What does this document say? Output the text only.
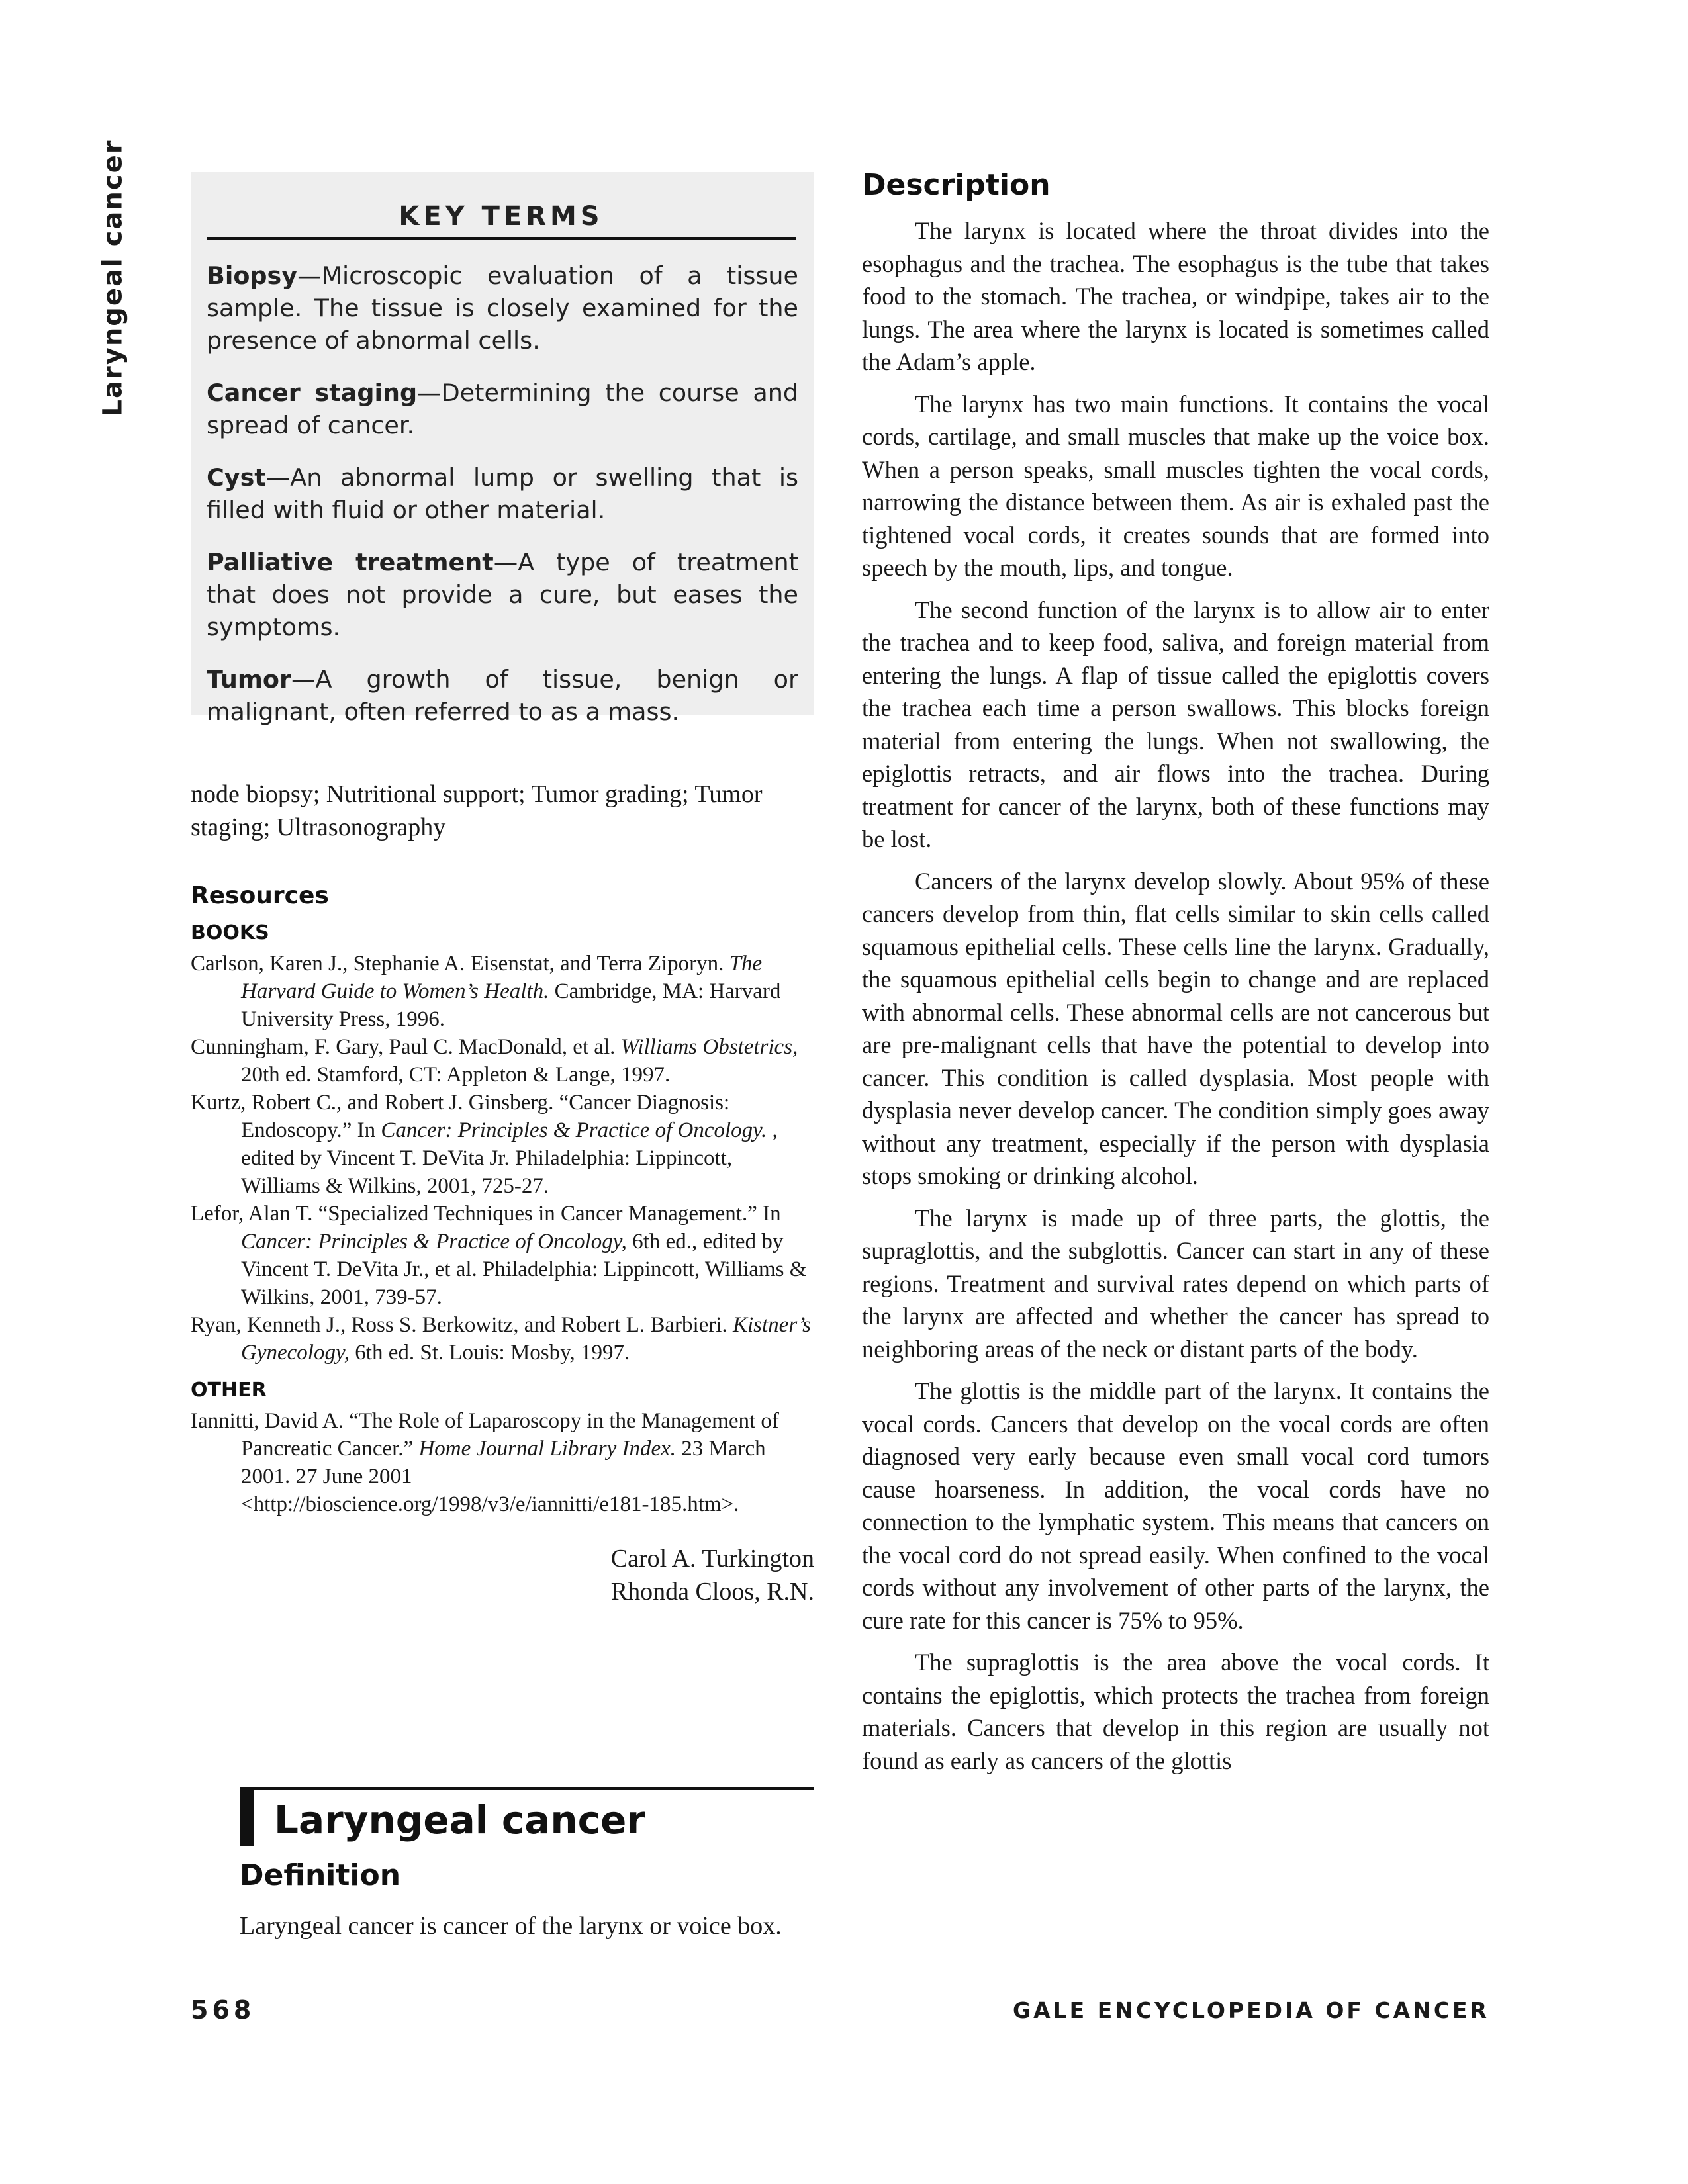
Laryngeal cancer	KEY TERMS

Biopsy—Microscopic evaluation of a tissue sample. The tissue is closely examined for the presence of abnormal cells.

Cancer staging—Determining the course and spread of cancer.

Cyst—An abnormal lump or swelling that is filled with fluid or other material.

Palliative treatment—A type of treatment that does not provide a cure, but eases the symptoms.

Tumor—A growth of tissue, benign or malignant, often referred to as a mass.

node biopsy; Nutritional support; Tumor grading; Tumor staging; Ultrasonography

Resources

BOOKS

Carlson, Karen J., Stephanie A. Eisenstat, and Terra Ziporyn. The Harvard Guide to Women’s Health. Cambridge, MA: Harvard University Press, 1996.

Cunningham, F. Gary, Paul C. MacDonald, et al. Williams Obstetrics, 20th ed. Stamford, CT: Appleton & Lange, 1997.

Kurtz, Robert C., and Robert J. Ginsberg. “Cancer Diagnosis: Endoscopy.” In Cancer: Principles & Practice of Oncology. , edited by Vincent T. DeVita Jr. Philadelphia: Lippincott, Williams & Wilkins, 2001, 725-27.

Lefor, Alan T. “Specialized Techniques in Cancer Management.” In Cancer: Principles & Practice of Oncology, 6th ed., edited by Vincent T. DeVita Jr., et al. Philadelphia: Lippincott, Williams & Wilkins, 2001, 739-57.

Ryan, Kenneth J., Ross S. Berkowitz, and Robert L. Barbieri. Kistner’s Gynecology, 6th ed. St. Louis: Mosby, 1997.

OTHER

Iannitti, David A. “The Role of Laparoscopy in the Management of Pancreatic Cancer.” Home Journal Library Index. 23 March 2001. 27 June 2001 <http://bioscience.org/1998/v3/e/iannitti/e181-185.htm>.

Carol A. Turkington
Rhonda Cloos, R.N.
Laryngeal cancer
Definition

Laryngeal cancer is cancer of the larynx or voice box.

Description

The larynx is located where the throat divides into the esophagus and the trachea. The esophagus is the tube that takes food to the stomach. The trachea, or windpipe, takes air to the lungs. The area where the larynx is located is sometimes called the Adam’s apple.

The larynx has two main functions. It contains the vocal cords, cartilage, and small muscles that make up the voice box. When a person speaks, small muscles tighten the vocal cords, narrowing the distance between them. As air is exhaled past the tightened vocal cords, it creates sounds that are formed into speech by the mouth, lips, and tongue.

The second function of the larynx is to allow air to enter the trachea and to keep food, saliva, and foreign material from entering the lungs. A flap of tissue called the epiglottis covers the trachea each time a person swallows. This blocks foreign material from entering the lungs. When not swallowing, the epiglottis retracts, and air flows into the trachea. During treatment for cancer of the larynx, both of these functions may be lost.

Cancers of the larynx develop slowly. About 95% of these cancers develop from thin, flat cells similar to skin cells called squamous epithelial cells. These cells line the larynx. Gradually, the squamous epithelial cells begin to change and are replaced with abnormal cells. These abnormal cells are not cancerous but are pre-malignant cells that have the potential to develop into cancer. This condition is called dysplasia. Most people with dysplasia never develop cancer. The condition simply goes away without any treatment, especially if the person with dysplasia stops smoking or drinking alcohol.

The larynx is made up of three parts, the glottis, the supraglottis, and the subglottis. Cancer can start in any of these regions. Treatment and survival rates depend on which parts of the larynx are affected and whether the cancer has spread to neighboring areas of the neck or distant parts of the body.

The glottis is the middle part of the larynx. It contains the vocal cords. Cancers that develop on the vocal cords are often diagnosed very early because even small vocal cord tumors cause hoarseness. In addition, the vocal cords have no connection to the lymphatic system. This means that cancers on the vocal cord do not spread easily. When confined to the vocal cords without any involvement of other parts of the larynx, the cure rate for this cancer is 75% to 95%.

The supraglottis is the area above the vocal cords. It contains the epiglottis, which protects the trachea from foreign materials. Cancers that develop in this region are usually not found as early as cancers of the glottis

568	GALE ENCYCLOPEDIA OF CANCER
